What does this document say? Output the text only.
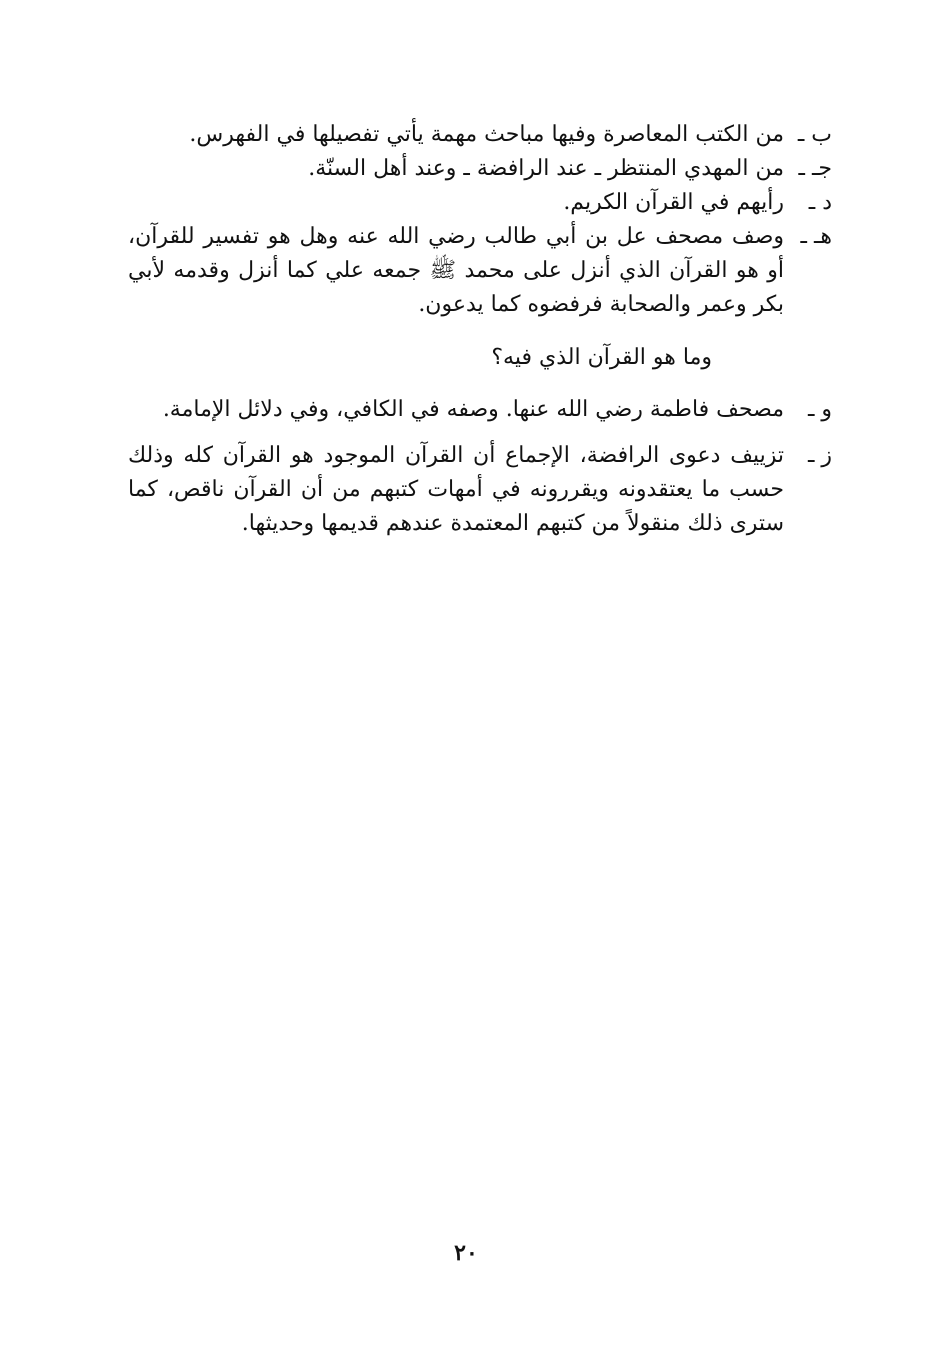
ب ـ
من الكتب المعاصرة وفيها مباحث مهمة يأتي تفصيلها في الفهرس.
جـ ـ
من المهدي المنتظر ـ عند الرافضة ـ وعند أهل السنّة.
د ـ
رأيهم في القرآن الكريم.
هـ ـ
وصف مصحف عل بن أبي طالب رضي الله عنه وهل هو تفسير للقرآن، أو هو القرآن الذي أنزل على محمد ﷺ جمعه علي كما أنزل وقدمه لأبي بكر وعمر والصحابة فرفضوه كما يدعون.
وما هو القرآن الذي فيه؟
و ـ
مصحف فاطمة رضي الله عنها. وصفه في الكافي، وفي دلائل الإمامة.
ز ـ
تزييف دعوى الرافضة، الإجماع أن القرآن الموجود هو القرآن كله وذلك حسب ما يعتقدونه ويقررونه في أمهات كتبهم من أن القرآن ناقص، كما سترى ذلك منقولاً من كتبهم المعتمدة عندهم قديمها وحديثها.
٢٠
